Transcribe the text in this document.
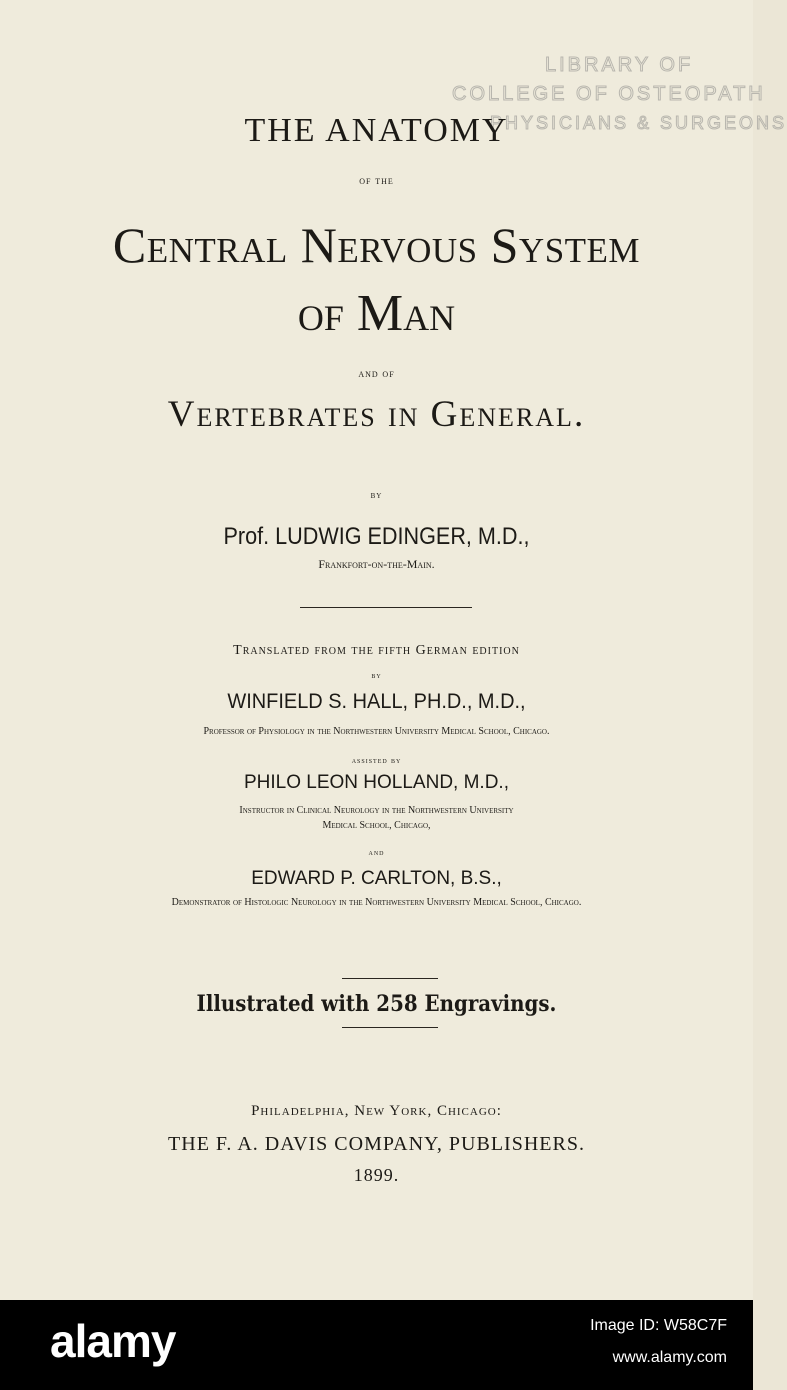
LIBRARY OF
COLLEGE OF OSTEOPATH
PHYSICIANS & SURGEONS
THE ANATOMY
of the
Central Nervous System
of Man
and of
Vertebrates in General.
by
Prof. LUDWIG EDINGER, M.D.,
Frankfort-on-the-Main.
Translated from the fifth German edition
by
WINFIELD S. HALL, PH.D., M.D.,
Professor of Physiology in the Northwestern University Medical School, Chicago.
assisted by
PHILO LEON HOLLAND, M.D.,
Instructor in Clinical Neurology in the Northwestern University
Medical School, Chicago,
and
EDWARD P. CARLTON, B.S.,
Demonstrator of Histologic Neurology in the Northwestern University Medical School, Chicago.
Illustrated with 258 Engravings.
Philadelphia, New York, Chicago:
THE F. A. DAVIS COMPANY, PUBLISHERS.
1899.
alamy	Image ID: W58C7F
www.alamy.com
